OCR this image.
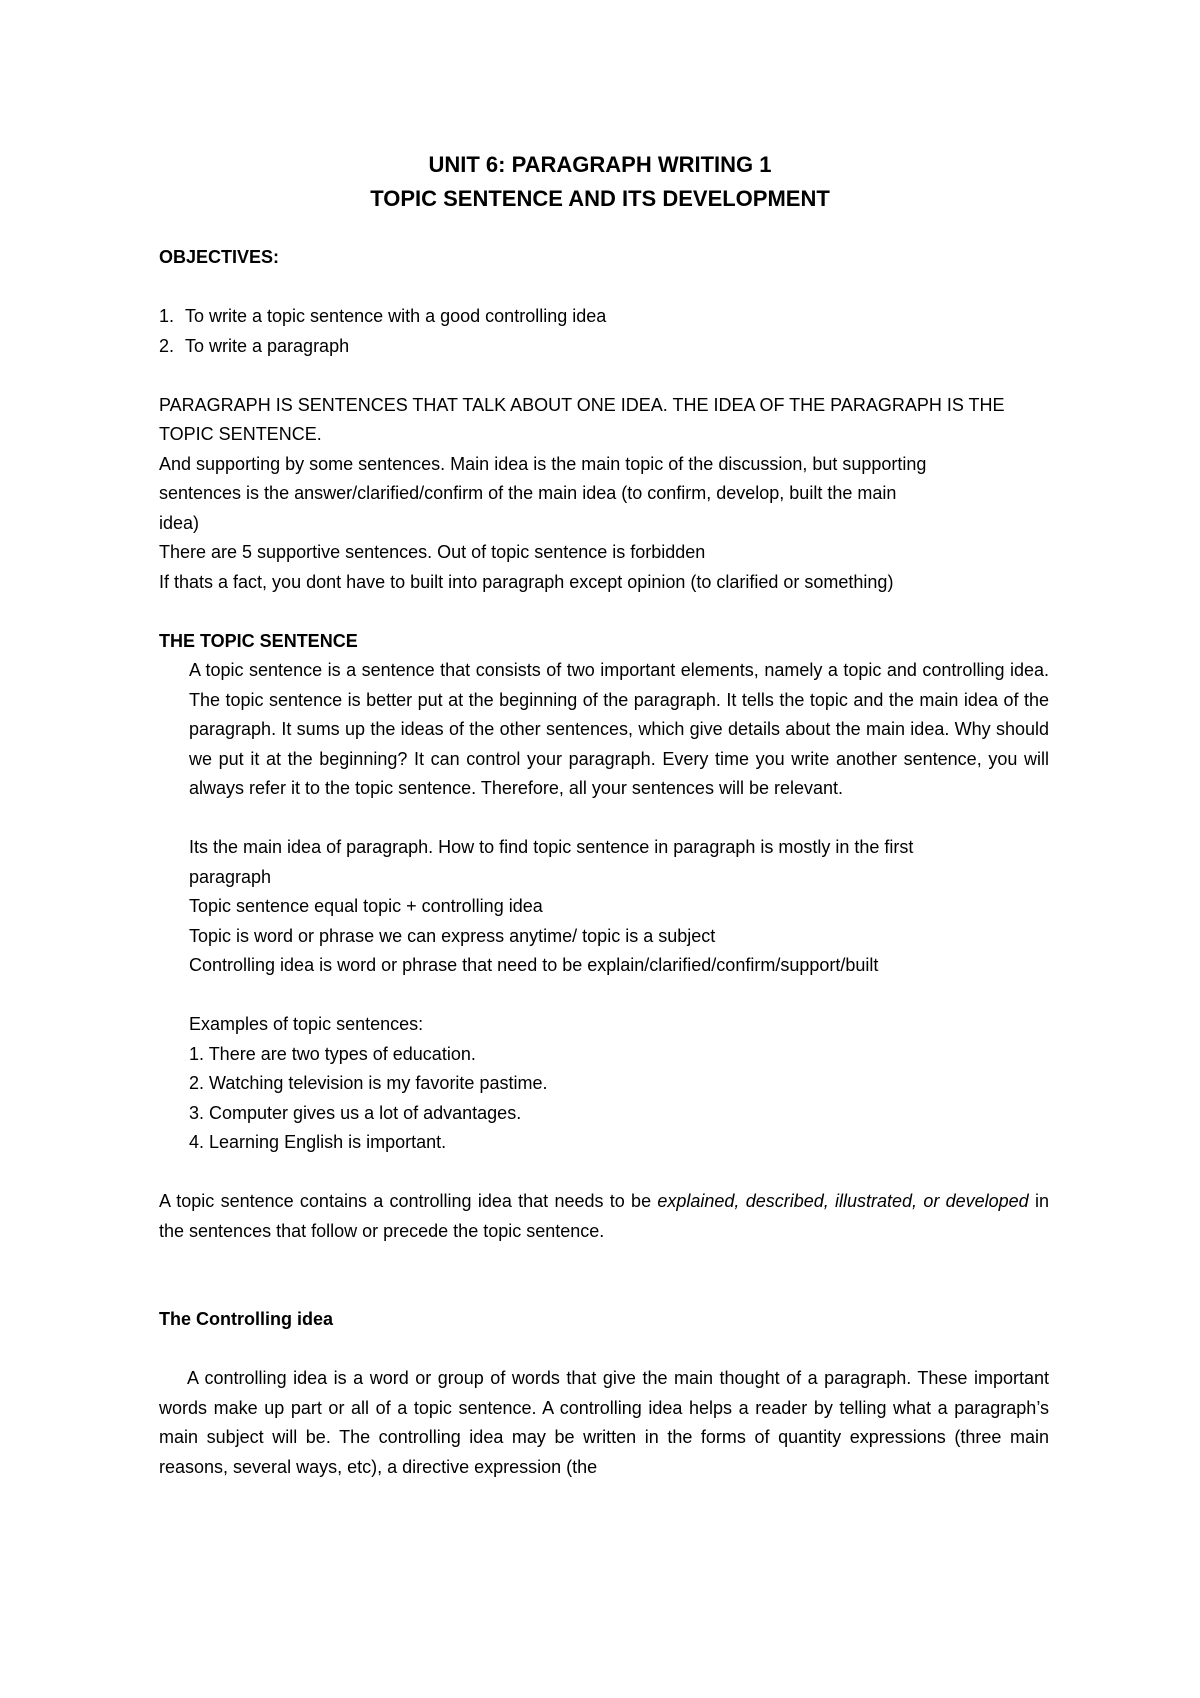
UNIT 6: PARAGRAPH WRITING 1
TOPIC SENTENCE AND ITS DEVELOPMENT
OBJECTIVES:
1. To write a topic sentence with a good controlling idea
2. To write a paragraph
PARAGRAPH IS SENTENCES THAT TALK ABOUT ONE IDEA. THE IDEA OF THE PARAGRAPH IS THE
TOPIC SENTENCE.
And supporting by some sentences. Main idea is the main topic of the discussion, but supporting
sentences is the answer/clarified/confirm of the main idea (to confirm, develop, built the main
idea)
There are 5 supportive sentences. Out of topic sentence is forbidden
If thats a fact, you dont have to built into paragraph except opinion (to clarified or something)
THE TOPIC SENTENCE
A topic sentence is a sentence that consists of two important elements, namely a topic and controlling idea. The topic sentence is better put at the beginning of the paragraph. It tells the topic and the main idea of the paragraph. It sums up the ideas of the other sentences, which give details about the main idea. Why should we put it at the beginning? It can control your paragraph. Every time you write another sentence, you will always refer it to the topic sentence. Therefore, all your sentences will be relevant.
Its the main idea of paragraph. How to find topic sentence in paragraph is mostly in the first
paragraph
Topic sentence equal topic + controlling idea
Topic is word or phrase we can express anytime/ topic is a subject
Controlling idea is word or phrase that need to be explain/clarified/confirm/support/built
Examples of topic sentences:
1. There are two types of education.
2. Watching television is my favorite pastime.
3. Computer gives us a lot of advantages.
4. Learning English is important.
A topic sentence contains a controlling idea that needs to be explained, described, illustrated, or developed in the sentences that follow or precede the topic sentence.
The Controlling idea
A controlling idea is a word or group of words that give the main thought of a paragraph. These important words make up part or all of a topic sentence. A controlling idea helps a reader by telling what a paragraph’s main subject will be. The controlling idea may be written in the forms of quantity expressions (three main reasons, several ways, etc), a directive expression (the
